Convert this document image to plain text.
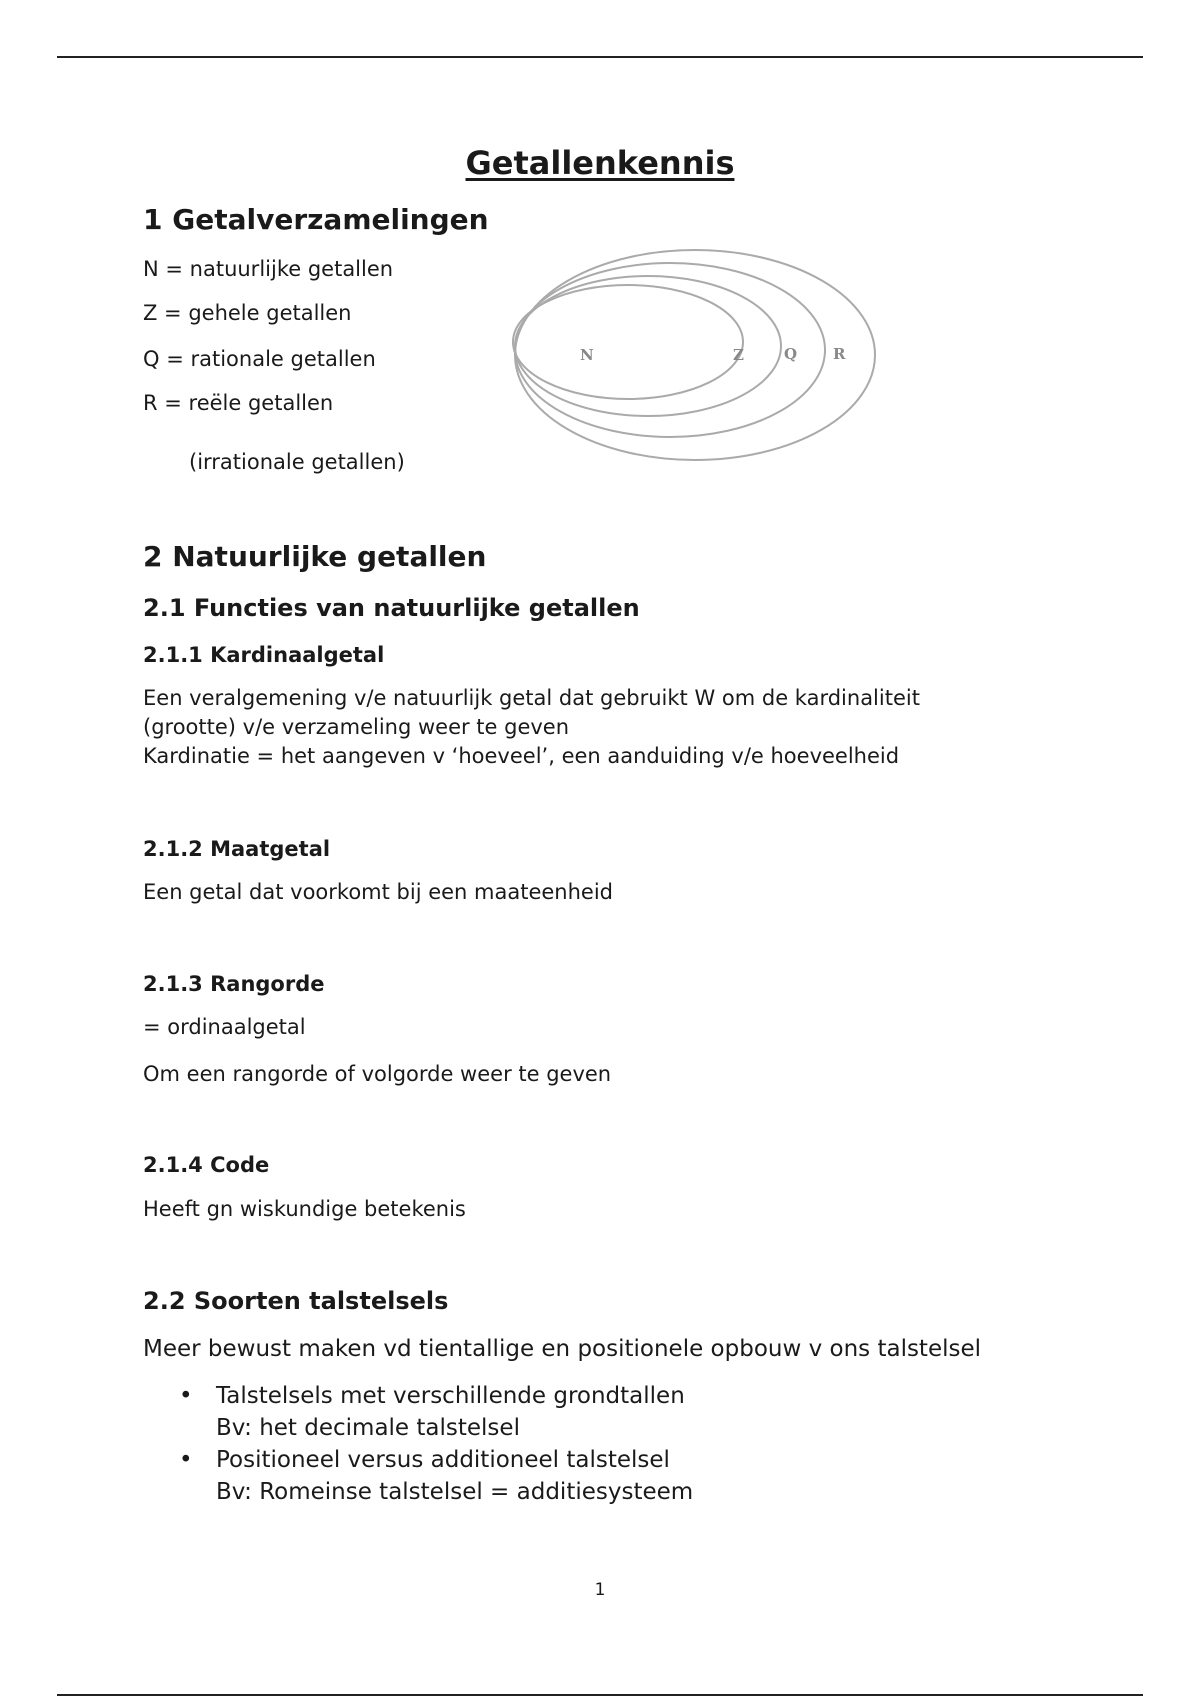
Getallenkennis
1 Getalverzamelingen

N = natuurlijke getallen

Z = gehele getallen

Q = rationale getallen

R = reële getallen

(irrationale getallen)

N	Z	Q R
2 Natuurlijke getallen
2.1 Functies van natuurlijke getallen
2.1.1 Kardinaalgetal

Een veralgemening v/e natuurlijk getal dat gebruikt W om de kardinaliteit
(grootte) v/e verzameling weer te geven
Kardinatie = het aangeven v ‘hoeveel’, een aanduiding v/e hoeveelheid

2.1.2 Maatgetal

Een getal dat voorkomt bij een maateenheid

2.1.3 Rangorde

= ordinaalgetal

Om een rangorde of volgorde weer te geven

2.1.4 Code

Heeft gn wiskundige betekenis

2.2 Soorten talstelsels

Meer bewust maken vd tientallige en positionele opbouw v ons talstelsel

• Talstelsels met verschillende grondtallen
Bv: het decimale talstelsel
• Positioneel versus additioneel talstelsel
Bv: Romeinse talstelsel = additiesysteem

1
